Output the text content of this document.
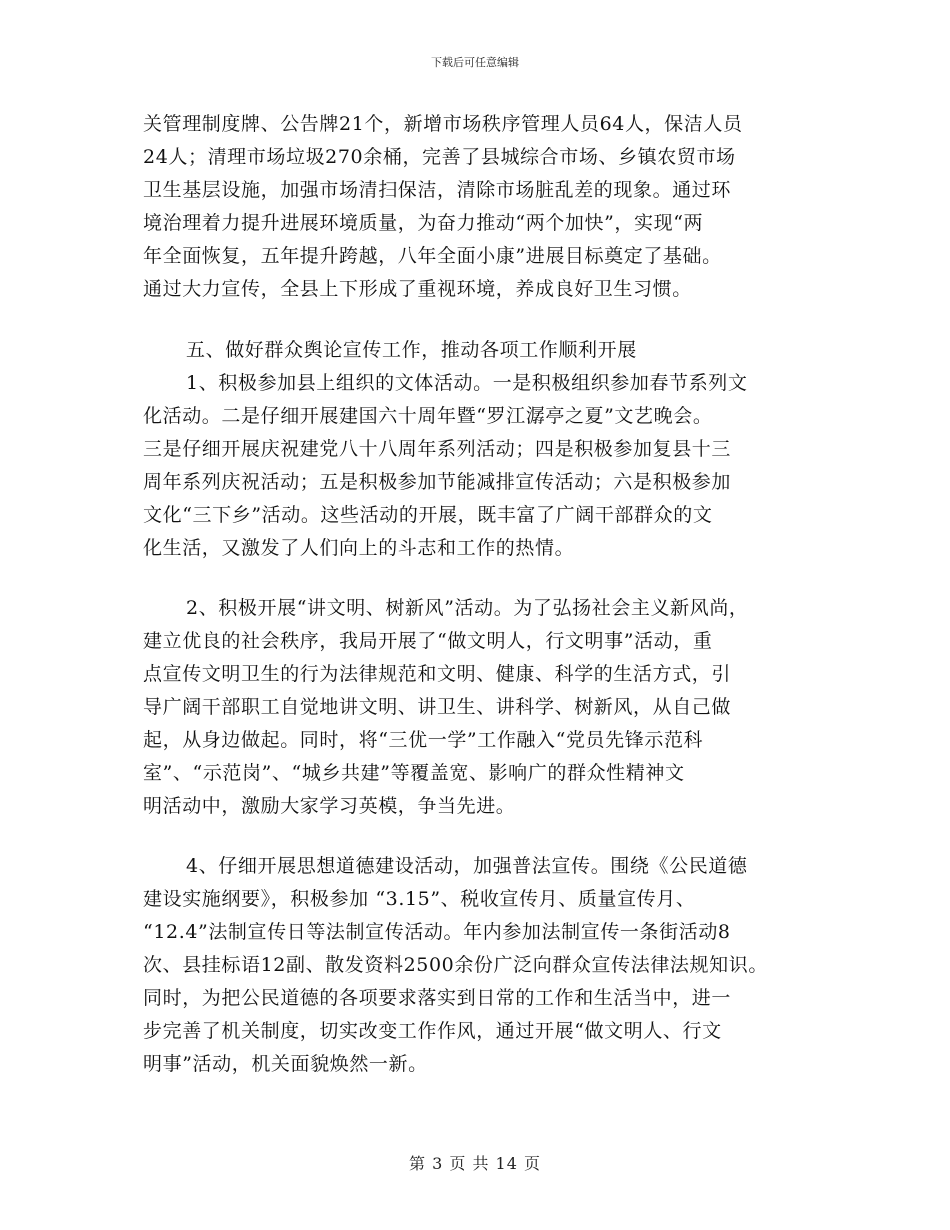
下载后可任意编辑
关管理制度牌、公告牌21个，新增市场秩序管理人员64人，保洁人员
24人；清理市场垃圾270余桶，完善了县城综合市场、乡镇农贸市场
卫生基层设施，加强市场清扫保洁，清除市场脏乱差的现象。通过环
境治理着力提升进展环境质量，为奋力推动“两个加快”，实现“两
年全面恢复，五年提升跨越，八年全面小康”进展目标奠定了基础。
通过大力宣传，全县上下形成了重视环境，养成良好卫生习惯。
五、做好群众舆论宣传工作，推动各项工作顺利开展
1、积极参加县上组织的文体活动。一是积极组织参加春节系列文
化活动。二是仔细开展建国六十周年暨“罗江潺亭之夏”文艺晚会。
三是仔细开展庆祝建党八十八周年系列活动；四是积极参加复县十三
周年系列庆祝活动；五是积极参加节能减排宣传活动；六是积极参加
文化“三下乡”活动。这些活动的开展，既丰富了广阔干部群众的文
化生活，又激发了人们向上的斗志和工作的热情。
2、积极开展“讲文明、树新风”活动。为了弘扬社会主义新风尚，
建立优良的社会秩序，我局开展了“做文明人，行文明事”活动，重
点宣传文明卫生的行为法律规范和文明、健康、科学的生活方式，引
导广阔干部职工自觉地讲文明、讲卫生、讲科学、树新风，从自己做
起，从身边做起。同时，将“三优一学”工作融入“党员先锋示范科
室”、“示范岗”、“城乡共建”等覆盖宽、影响广的群众性精神文
明活动中，激励大家学习英模，争当先进。
4、仔细开展思想道德建设活动，加强普法宣传。围绕《公民道德
建设实施纲要》，积极参加 “3.15”、税收宣传月、质量宣传月、
“12.4”法制宣传日等法制宣传活动。年内参加法制宣传一条街活动8
次、县挂标语12副、散发资料2500余份广泛向群众宣传法律法规知识。
同时，为把公民道德的各项要求落实到日常的工作和生活当中，进一
步完善了机关制度，切实改变工作作风，通过开展“做文明人、行文
明事”活动，机关面貌焕然一新。
第 3 页 共 14 页
